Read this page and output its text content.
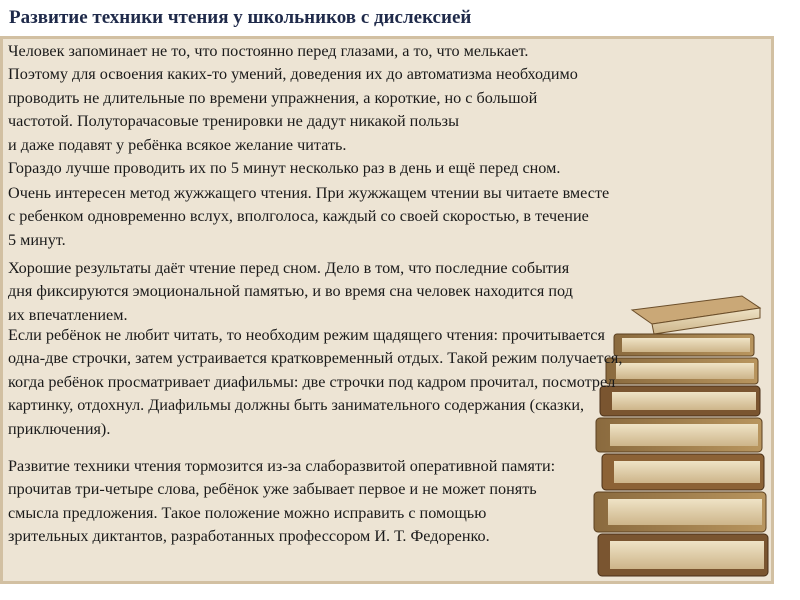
Развитие техники чтения у школьников с дислексией

Человек запоминает не то, что постоянно перед глазами, а то, что мелькает.
Поэтому для освоения каких-то умений, доведения их до автоматизма необходимо
проводить не длительные по времени упражнения, а короткие, но с большой
частотой. Полуторачасовые тренировки не дадут никакой пользы
и даже подавят у ребёнка всякое желание читать.
Гораздо лучше проводить их по 5 минут несколько раз в день и ещё перед сном.

Очень интересен метод жужжащего чтения. При жужжащем чтении вы читаете вместе
с ребенком одновременно вслух, вполголоса, каждый со своей скоростью, в течение
5 минут.

Хорошие результаты даёт чтение перед сном. Дело в том, что последние события
дня фиксируются эмоциональной памятью, и во время сна человек находится под
их впечатлением.

Если ребёнок не любит читать, то необходим режим щадящего чтения: прочитывается
одна-две строчки, затем устраивается кратковременный отдых. Такой режим получается,
когда ребёнок просматривает диафильмы: две строчки под кадром прочитал, посмотрел
картинку, отдохнул. Диафильмы должны быть занимательного содержания (сказки,
приключения).

Развитие техники чтения тормозится из-за слаборазвитой оперативной памяти:
прочитав три-четыре слова, ребёнок уже забывает первое и не может понять
смысла предложения. Такое положение можно исправить с помощью
зрительных диктантов, разработанных профессором И. Т. Федоренко.
